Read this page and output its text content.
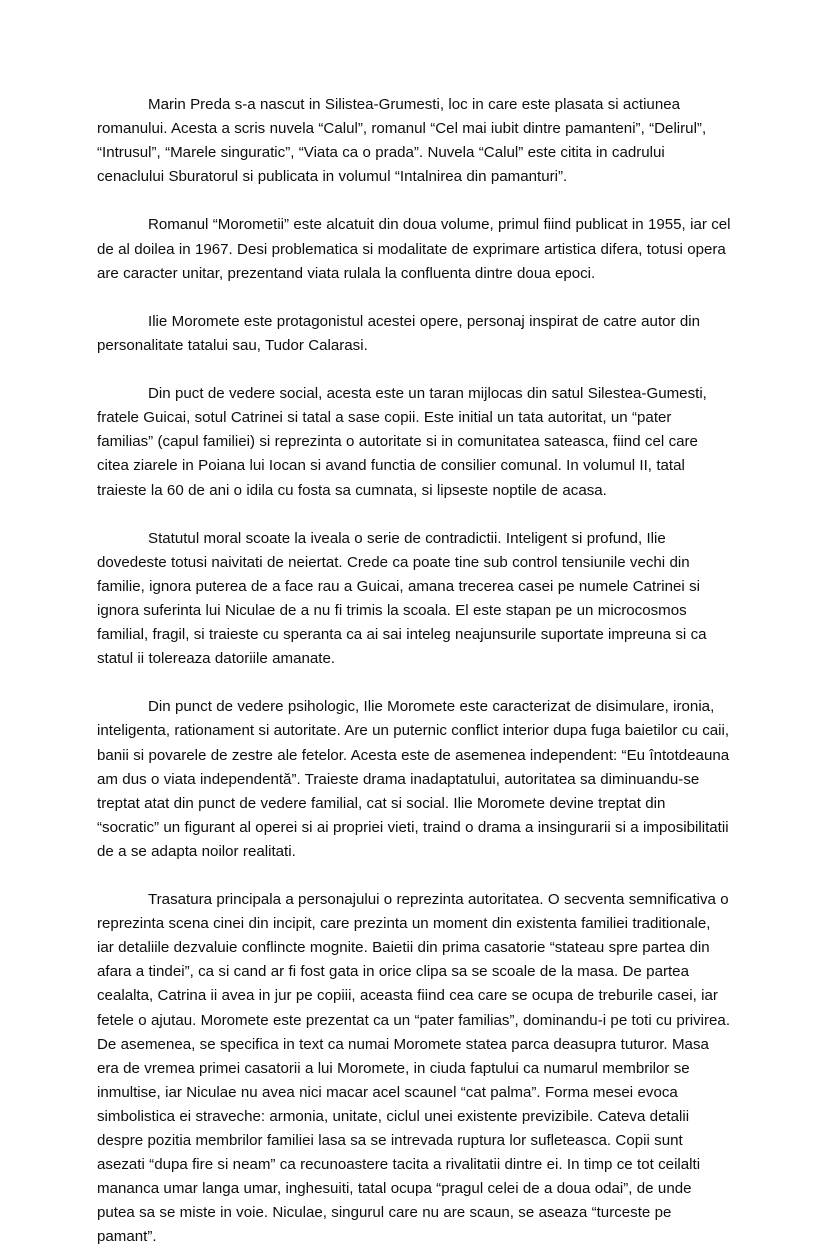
Marin Preda s-a nascut in Silistea-Grumesti, loc in care este plasata si actiunea romanului. Acesta a scris nuvela “Calul”, romanul “Cel mai iubit dintre pamanteni”, “Delirul”, “Intrusul”, “Marele singuratic”, “Viata ca o prada”. Nuvela “Calul” este citita in cadrului cenaclului Sburatorul si publicata in volumul “Intalnirea din pamanturi”.

Romanul “Morometii” este alcatuit din doua volume, primul fiind publicat in 1955, iar cel de al doilea in 1967. Desi problematica si modalitate de exprimare artistica difera, totusi opera are caracter unitar, prezentand viata rulala la confluenta dintre doua epoci.

Ilie Moromete este protagonistul acestei opere, personaj inspirat de catre autor din personalitate tatalui sau, Tudor Calarasi.

Din puct de vedere social, acesta este un taran mijlocas din satul Silestea-Gumesti, fratele Guicai, sotul Catrinei si tatal a sase copii. Este initial un tata autoritat, un “pater familias” (capul familiei) si reprezinta o autoritate si in comunitatea sateasca, fiind cel care citea ziarele in Poiana lui Iocan si avand functia de consilier comunal. In volumul II, tatal traieste la 60 de ani o idila cu fosta sa cumnata, si lipseste noptile de acasa.

Statutul moral scoate la iveala o serie de contradictii. Inteligent si profund, Ilie dovedeste totusi naivitati de neiertat. Crede ca poate tine sub control tensiunile vechi din familie, ignora puterea de a face rau a Guicai, amana trecerea casei pe numele Catrinei si ignora suferinta lui Niculae de a nu fi trimis la scoala. El este stapan pe un microcosmos familial, fragil, si traieste cu speranta ca ai sai inteleg neajunsurile suportate impreuna si ca statul ii tolereaza datoriile amanate.

Din punct de vedere psihologic, Ilie Moromete este caracterizat de disimulare, ironia, inteligenta, rationament si autoritate. Are un puternic conflict interior dupa fuga baietilor cu caii, banii si povarele de zestre ale fetelor. Acesta este de asemenea independent: “Eu întotdeauna am dus o viata independentă”. Traieste drama inadaptatului, autoritatea sa diminuandu-se treptat atat din punct de vedere familial, cat si social. Ilie Moromete devine treptat din “socratic” un figurant al operei si ai propriei vieti, traind o drama a insingurarii si a imposibilitatii de a se adapta noilor realitati.

Trasatura principala a personajului o reprezinta autoritatea. O secventa semnificativa o reprezinta scena cinei din incipit, care prezinta un moment din existenta familiei traditionale, iar detaliile dezvaluie conflincte mognite. Baietii din prima casatorie “stateau spre partea din afara a tindei”, ca si cand ar fi fost gata in orice clipa sa se scoale de la masa. De partea cealalta, Catrina ii avea in jur pe copiii, aceasta fiind cea care se ocupa de treburile casei, iar fetele o ajutau. Moromete este prezentat ca un “pater familias”, dominandu-i pe toti cu privirea. De asemenea, se specifica in text ca numai Moromete statea parca deasupra tuturor. Masa era de vremea primei casatorii a lui Moromete, in ciuda faptului ca numarul membrilor se inmultise, iar Niculae nu avea nici macar acel scaunel “cat palma”. Forma mesei evoca simbolistica ei straveche: armonia, unitate, ciclul unei existente previzibile. Cateva detalii despre pozitia membrilor familiei lasa sa se intrevada ruptura lor sufleteasca. Copii sunt asezati “dupa fire si neam” ca recunoastere tacita a rivalitatii dintre ei. In timp ce tot ceilalti mananca umar langa umar, inghesuiti, tatal ocupa “pragul celei de a doua odai”, de unde putea sa se miste in voie. Niculae, singurul care nu are scaun, se aseaza “turceste pe pamant”.
